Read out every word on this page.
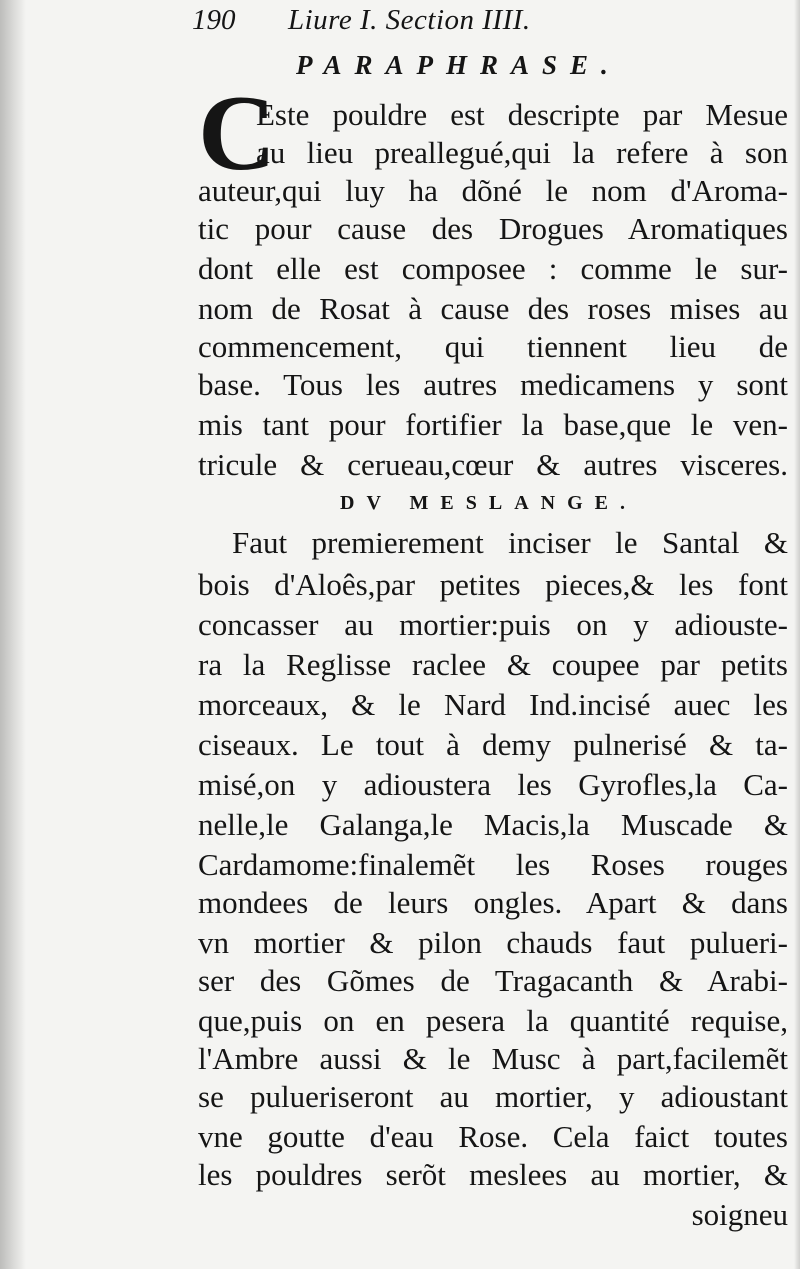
190	Liure I. Section IIII.
PARAPHRASE.
C
Este pouldre est descripte par Mesue
au lieu preallegué,qui la refere à son
auteur,qui luy ha dõné le nom d'Aroma-
tic pour cause des Drogues Aromatiques
dont elle est composee : comme le sur-
nom de Rosat à cause des roses mises au
commencement, qui tiennent lieu de
base. Tous les autres medicamens y sont
mis tant pour fortifier la base,que le ven-
tricule & cerueau,cœur & autres visceres.
DV MESLANGE.
Faut premierement inciser le Santal &
bois d'Aloês,par petites pieces,& les font
concasser au mortier:puis on y adiouste-
ra la Reglisse raclee & coupee par petits
morceaux, & le Nard Ind.incisé auec les
ciseaux. Le tout à demy pulnerisé & ta-
misé,on y adioustera les Gyrofles,la Ca-
nelle,le Galanga,le Macis,la Muscade &
Cardamome:finalemẽt les Roses rouges
mondees de leurs ongles. Apart & dans
vn mortier & pilon chauds faut pulueri-
ser des Gõmes de Tragacanth & Arabi-
que,puis on en pesera la quantité requise,
l'Ambre aussi & le Musc à part,facilemẽt
se pulueriseront au mortier, y adioustant
vne goutte d'eau Rose. Cela faict toutes
les pouldres serõt meslees au mortier, &
soigneu
